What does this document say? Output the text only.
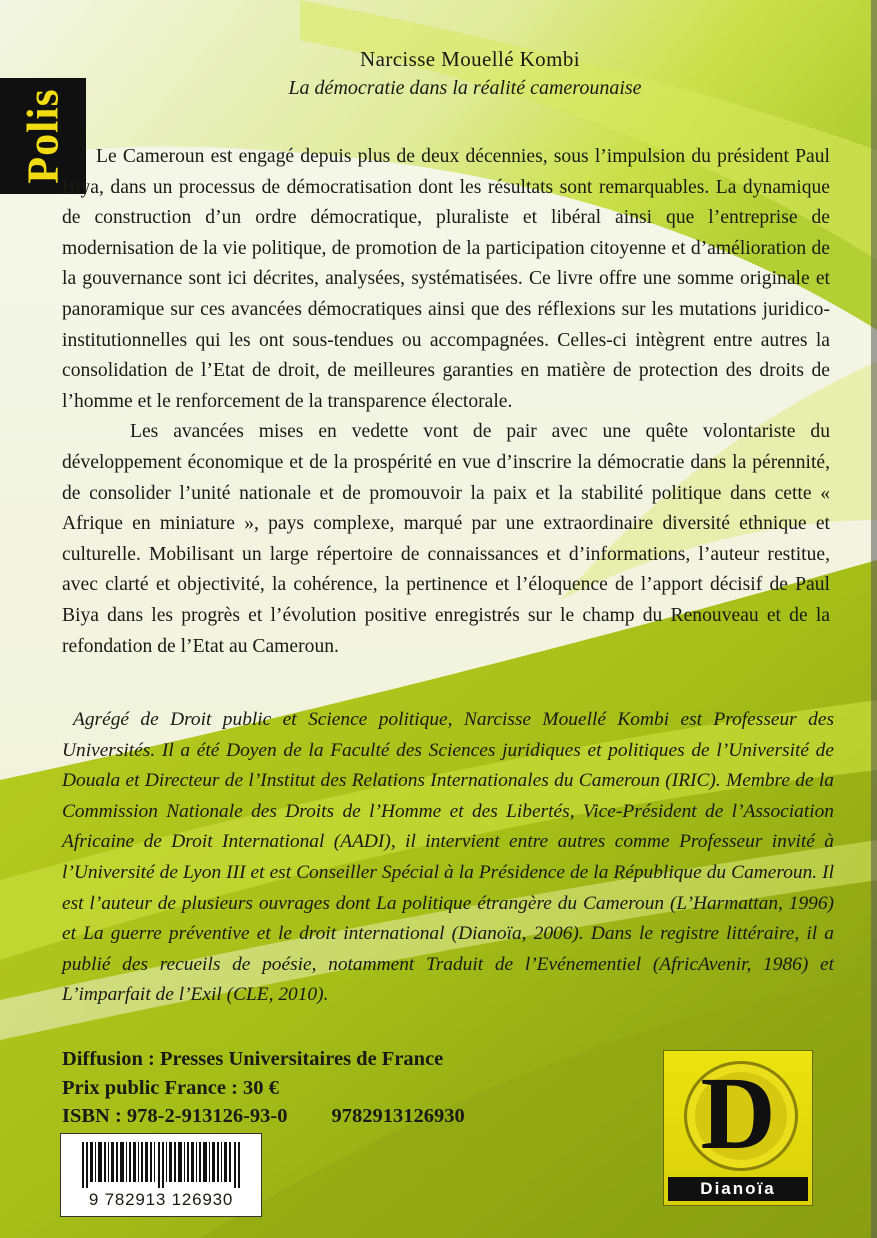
Polis
Narcisse Mouellé Kombi
La démocratie dans la réalité camerounaise

Le Cameroun est engagé depuis plus de deux décennies, sous l’impulsion du président Paul Biya, dans un processus de démocratisation dont les résultats sont remarquables. La dynamique de construction d’un ordre démocratique, pluraliste et libéral ainsi que l’entreprise de modernisation de la vie politique, de promotion de la participation citoyenne et d’amélioration de la gouvernance sont ici décrites, analysées, systématisées. Ce livre offre une somme originale et panoramique sur ces avancées démocratiques ainsi que des réflexions sur les mutations juridico-institutionnelles qui les ont sous-tendues ou accompagnées. Celles-ci intègrent entre autres la consolidation de l’Etat de droit, de meilleures garanties en matière de protection des droits de l’homme et le renforcement de la transparence électorale.

Les avancées mises en vedette vont de pair avec une quête volontariste du développement économique et de la prospérité en vue d’inscrire la démocratie dans la pérennité, de consolider l’unité nationale et de promouvoir la paix et la stabilité politique dans cette « Afrique en miniature », pays complexe, marqué par une extraordinaire diversité ethnique et culturelle. Mobilisant un large répertoire de connaissances et d’informations, l’auteur restitue, avec clarté et objectivité, la cohérence, la pertinence et l’éloquence de l’apport décisif de Paul Biya dans les progrès et l’évolution positive enregistrés sur le champ du Renouveau et de la refondation de l’Etat au Cameroun.

Agrégé de Droit public et Science politique, Narcisse Mouellé Kombi est Professeur des Universités. Il a été Doyen de la Faculté des Sciences juridiques et politiques de l’Université de Douala et Directeur de l’Institut des Relations Internationales du Cameroun (IRIC). Membre de la Commission Nationale des Droits de l’Homme et des Libertés, Vice-Président de l’Association Africaine de Droit International (AADI), il intervient entre autres comme Professeur invité à l’Université de Lyon III et est Conseiller Spécial à la Présidence de la République du Cameroun. Il est l’auteur de plusieurs ouvrages dont La politique étrangère du Cameroun (L’Harmattan, 1996) et La guerre préventive et le droit international (Dianoïa, 2006). Dans le registre littéraire, il a publié des recueils de poésie, notamment Traduit de l’Evénementiel (AfricAvenir, 1986) et L’imparfait de l’Exil (CLE, 2010).

Diffusion : Presses Universitaires de France
Prix public France : 30 €
ISBN : 978-2-913126-93-0 9782913126930
9 782913 126930
D
Dianoïa
